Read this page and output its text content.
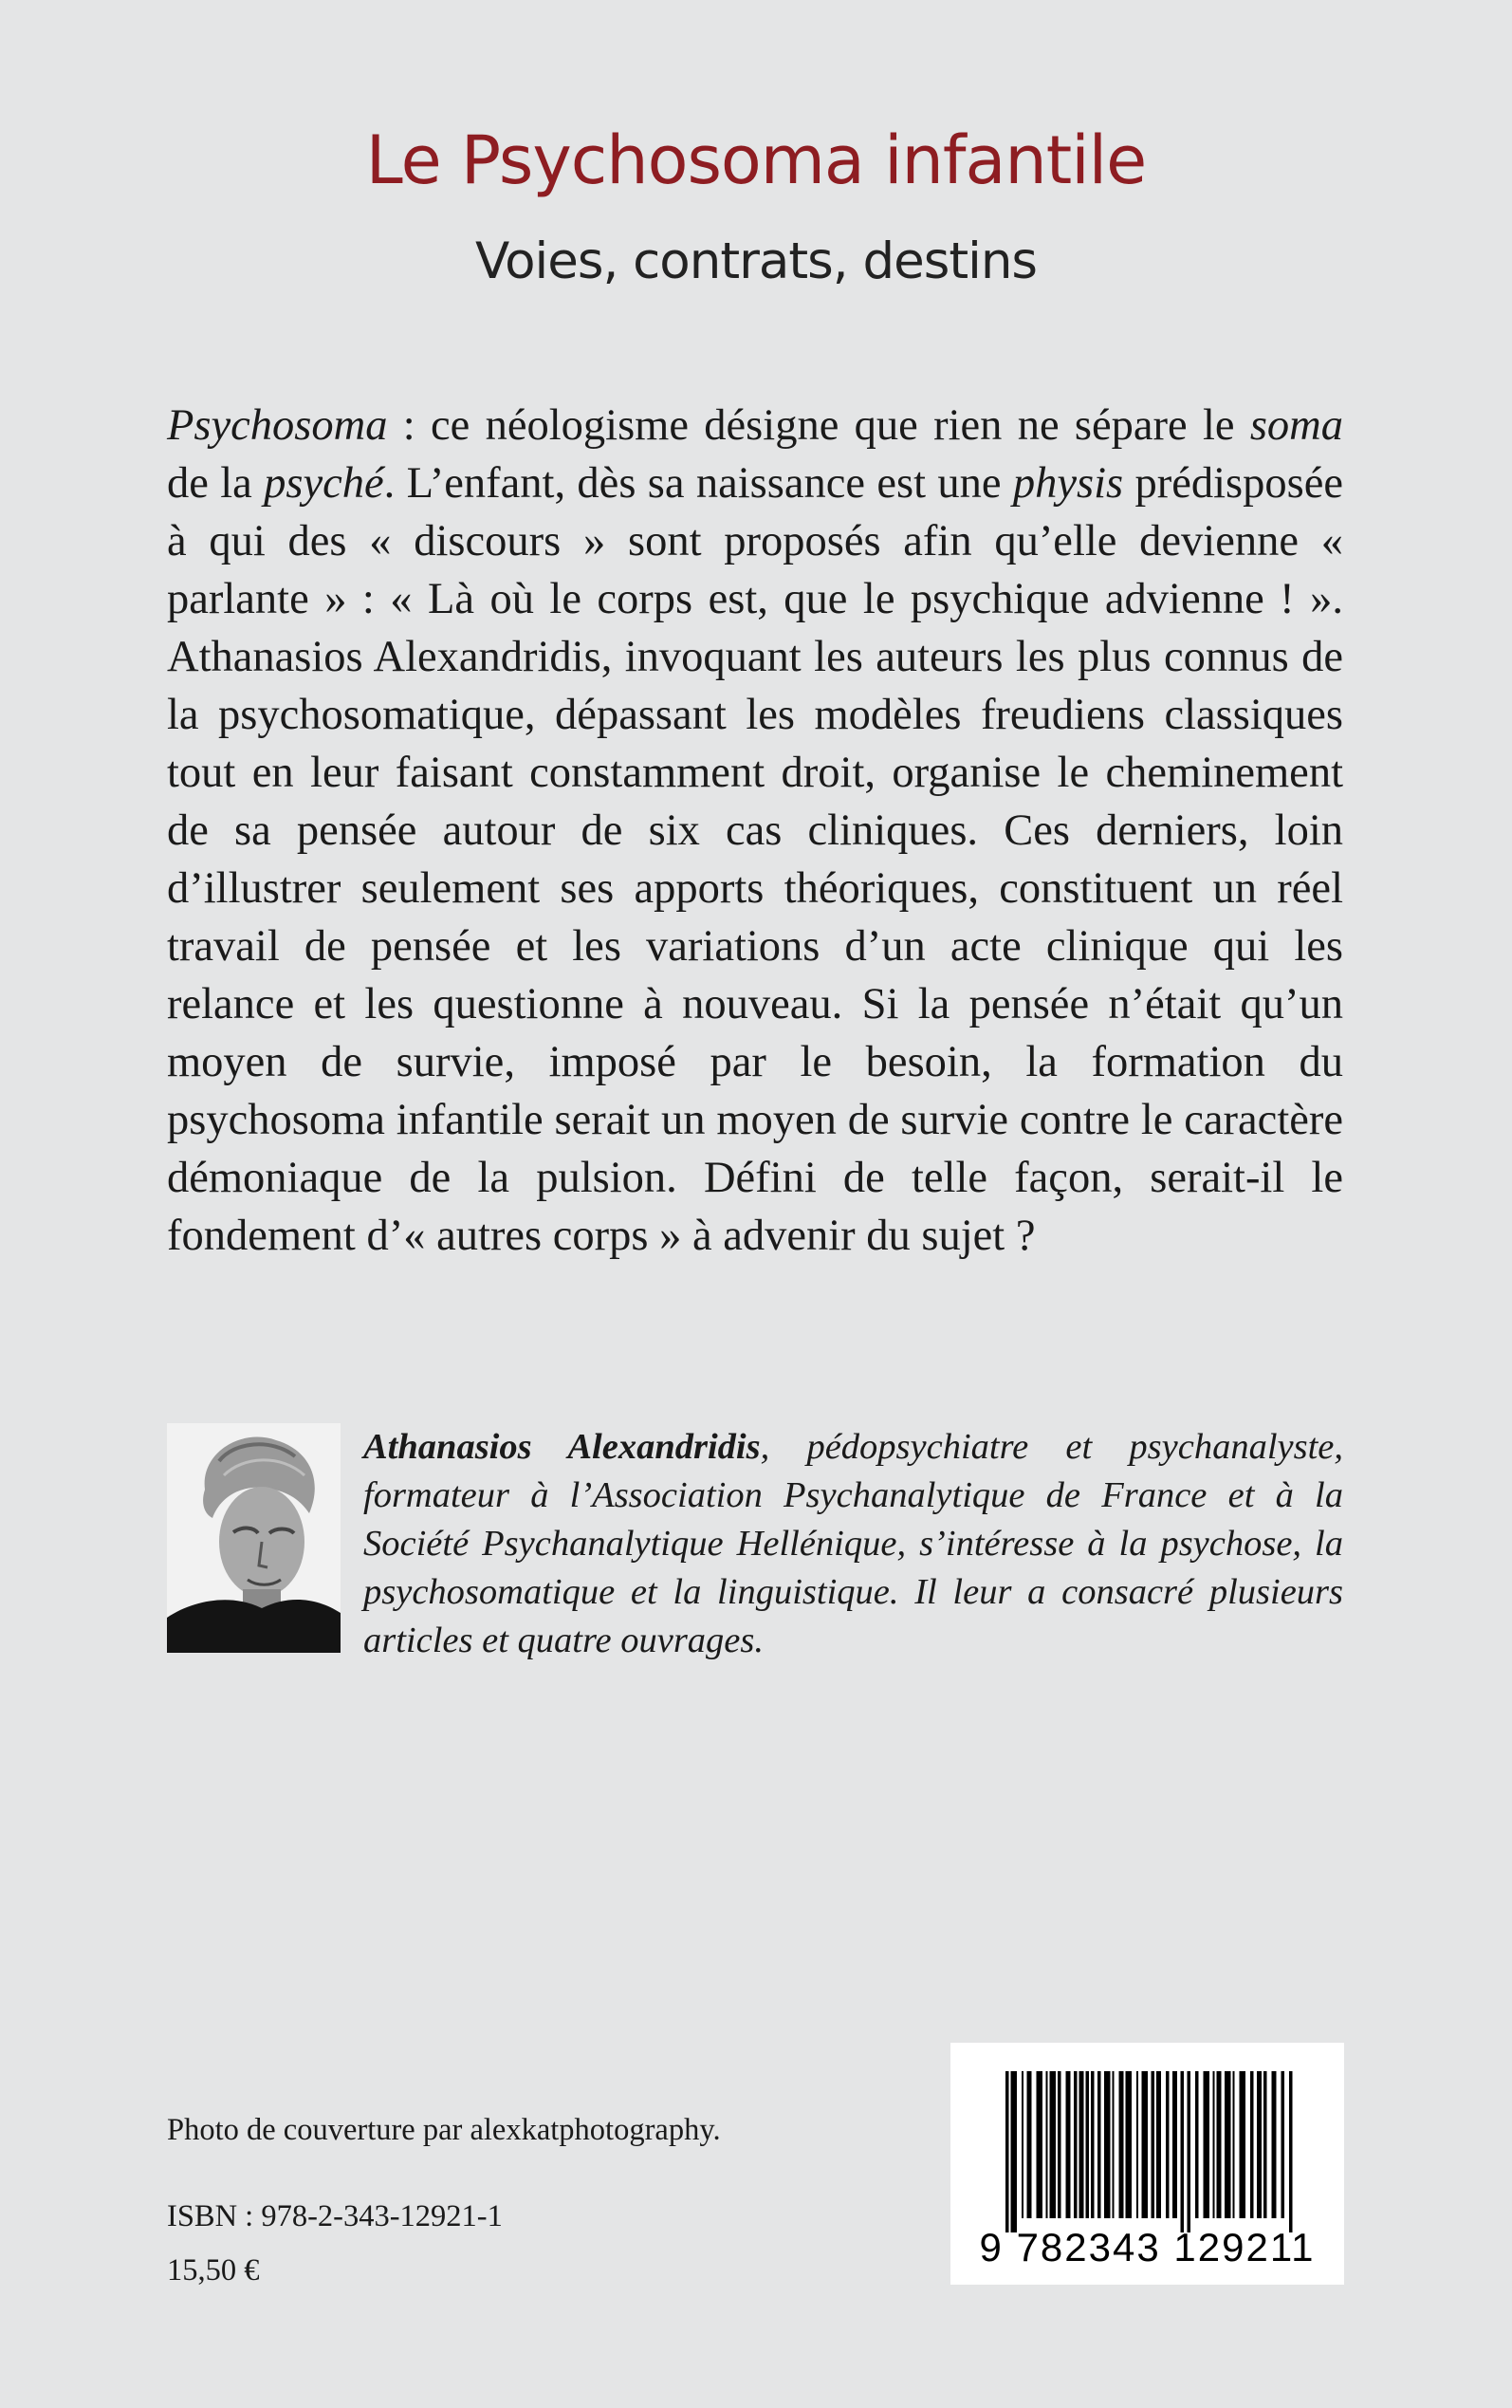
Le Psychosoma infantile
Voies, contrats, destins

Psychosoma : ce néologisme désigne que rien ne sépare le soma de la psyché. L’enfant, dès sa naissance est une physis prédisposée à qui des « discours » sont proposés afin qu’elle devienne « parlante » : « Là où le corps est, que le psychique advienne ! ». Athanasios Alexandridis, invoquant les auteurs les plus connus de la psychosomatique, dépassant les modèles freudiens classiques tout en leur faisant constamment droit, organise le cheminement de sa pensée autour de six cas cliniques. Ces derniers, loin d’illustrer seulement ses apports théoriques, constituent un réel travail de pensée et les variations d’un acte clinique qui les relance et les questionne à nouveau. Si la pensée n’était qu’un moyen de survie, imposé par le besoin, la formation du psychosoma infantile serait un moyen de survie contre le caractère démoniaque de la pulsion. Défini de telle façon, serait-il le fondement d’« autres corps » à advenir du sujet ?

Athanasios Alexandridis, pédopsychiatre et psychanalyste, formateur à l’Association Psychanalytique de France et à la Société Psychanalytique Hellénique, s’intéresse à la psychose, la psychosomatique et la linguistique. Il leur a consacré plusieurs articles et quatre ouvrages.

Photo de couverture par alexkatphotography.

ISBN : 978-2-343-12921-1

15,50 €

9 782343 129211
